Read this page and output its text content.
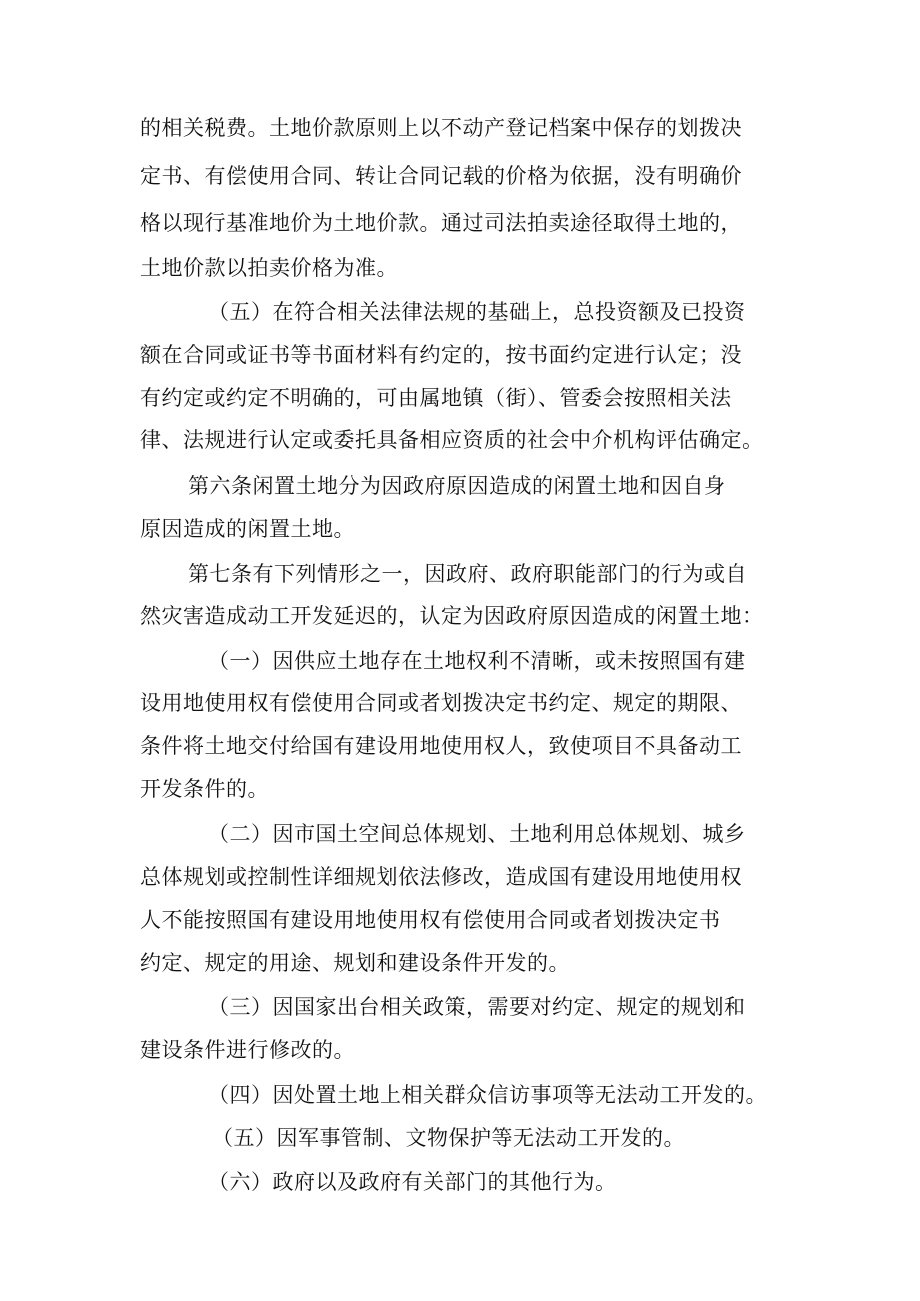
的相关税费。土地价款原则上以不动产登记档案中保存的划拨决
定书、有偿使用合同、转让合同记载的价格为依据，没有明确价
格以现行基准地价为土地价款。通过司法拍卖途径取得土地的，
土地价款以拍卖价格为准。
（五）在符合相关法律法规的基础上，总投资额及已投资
额在合同或证书等书面材料有约定的，按书面约定进行认定；没
有约定或约定不明确的，可由属地镇（街）、管委会按照相关法
律、法规进行认定或委托具备相应资质的社会中介机构评估确定。
第六条闲置土地分为因政府原因造成的闲置土地和因自身
原因造成的闲置土地。
第七条有下列情形之一，因政府、政府职能部门的行为或自
然灾害造成动工开发延迟的，认定为因政府原因造成的闲置土地：
（一）因供应土地存在土地权利不清晰，或未按照国有建
设用地使用权有偿使用合同或者划拨决定书约定、规定的期限、
条件将土地交付给国有建设用地使用权人，致使项目不具备动工
开发条件的。
（二）因市国土空间总体规划、土地利用总体规划、城乡
总体规划或控制性详细规划依法修改，造成国有建设用地使用权
人不能按照国有建设用地使用权有偿使用合同或者划拨决定书
约定、规定的用途、规划和建设条件开发的。
（三）因国家出台相关政策，需要对约定、规定的规划和
建设条件进行修改的。
（四）因处置土地上相关群众信访事项等无法动工开发的。
（五）因军事管制、文物保护等无法动工开发的。
（六）政府以及政府有关部门的其他行为。
